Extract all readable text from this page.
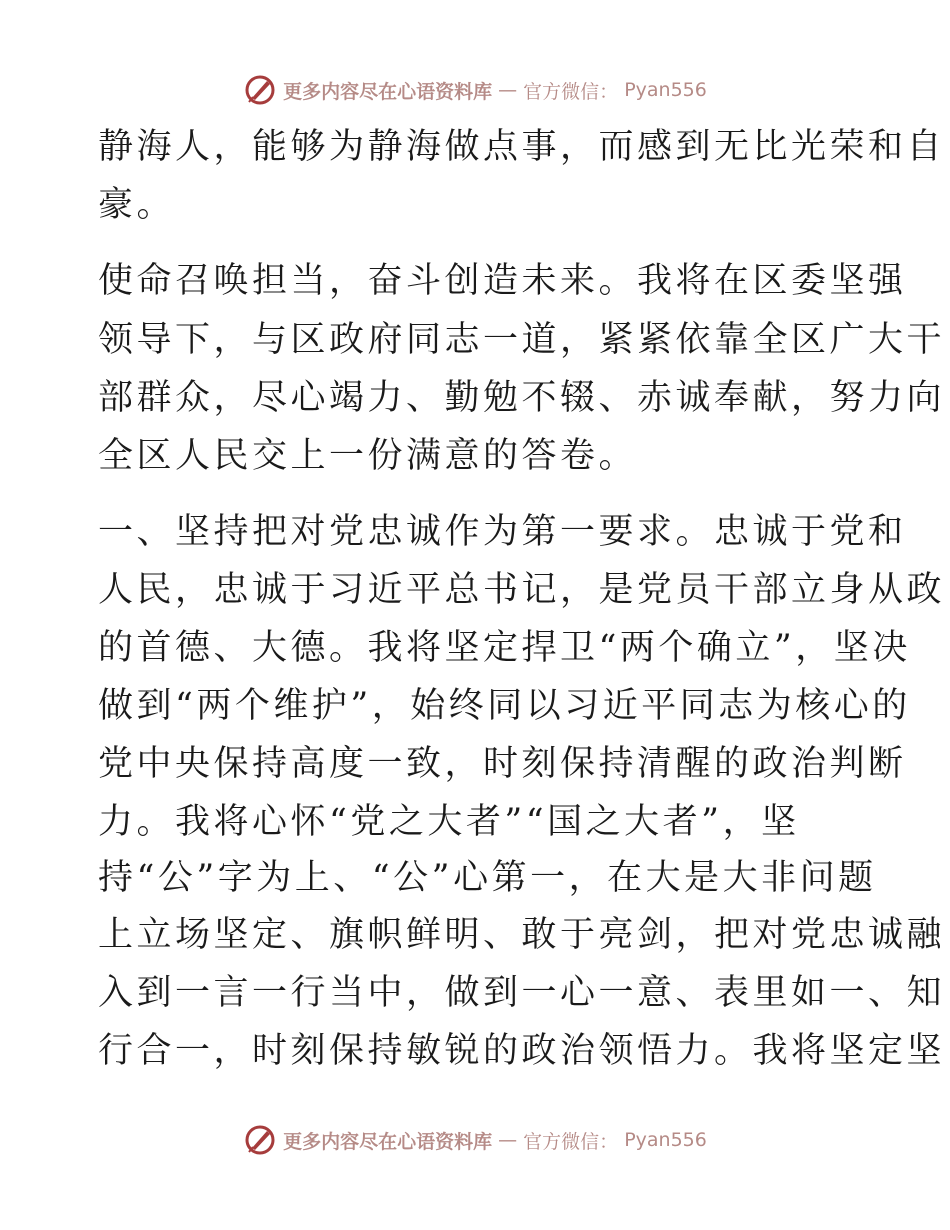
更多内容尽在心语资料库 — 官方微信： Pyan556
静海人，能够为静海做点事，而感到无比光荣和自
豪。
使命召唤担当，奋斗创造未来。我将在区委坚强
领导下，与区政府同志一道，紧紧依靠全区广大干
部群众，尽心竭力、勤勉不辍、赤诚奉献，努力向
全区人民交上一份满意的答卷。
一、坚持把对党忠诚作为第一要求。忠诚于党和
人民，忠诚于习近平总书记，是党员干部立身从政
的首德、大德。我将坚定捍卫“两个确立”，坚决
做到“两个维护”，始终同以习近平同志为核心的
党中央保持高度一致，时刻保持清醒的政治判断
力。我将心怀“党之大者”“国之大者”，坚
持“公”字为上、“公”心第一，在大是大非问题
上立场坚定、旗帜鲜明、敢于亮剑，把对党忠诚融
入到一言一行当中，做到一心一意、表里如一、知
行合一，时刻保持敏锐的政治领悟力。我将坚定坚
更多内容尽在心语资料库 — 官方微信： Pyan556
